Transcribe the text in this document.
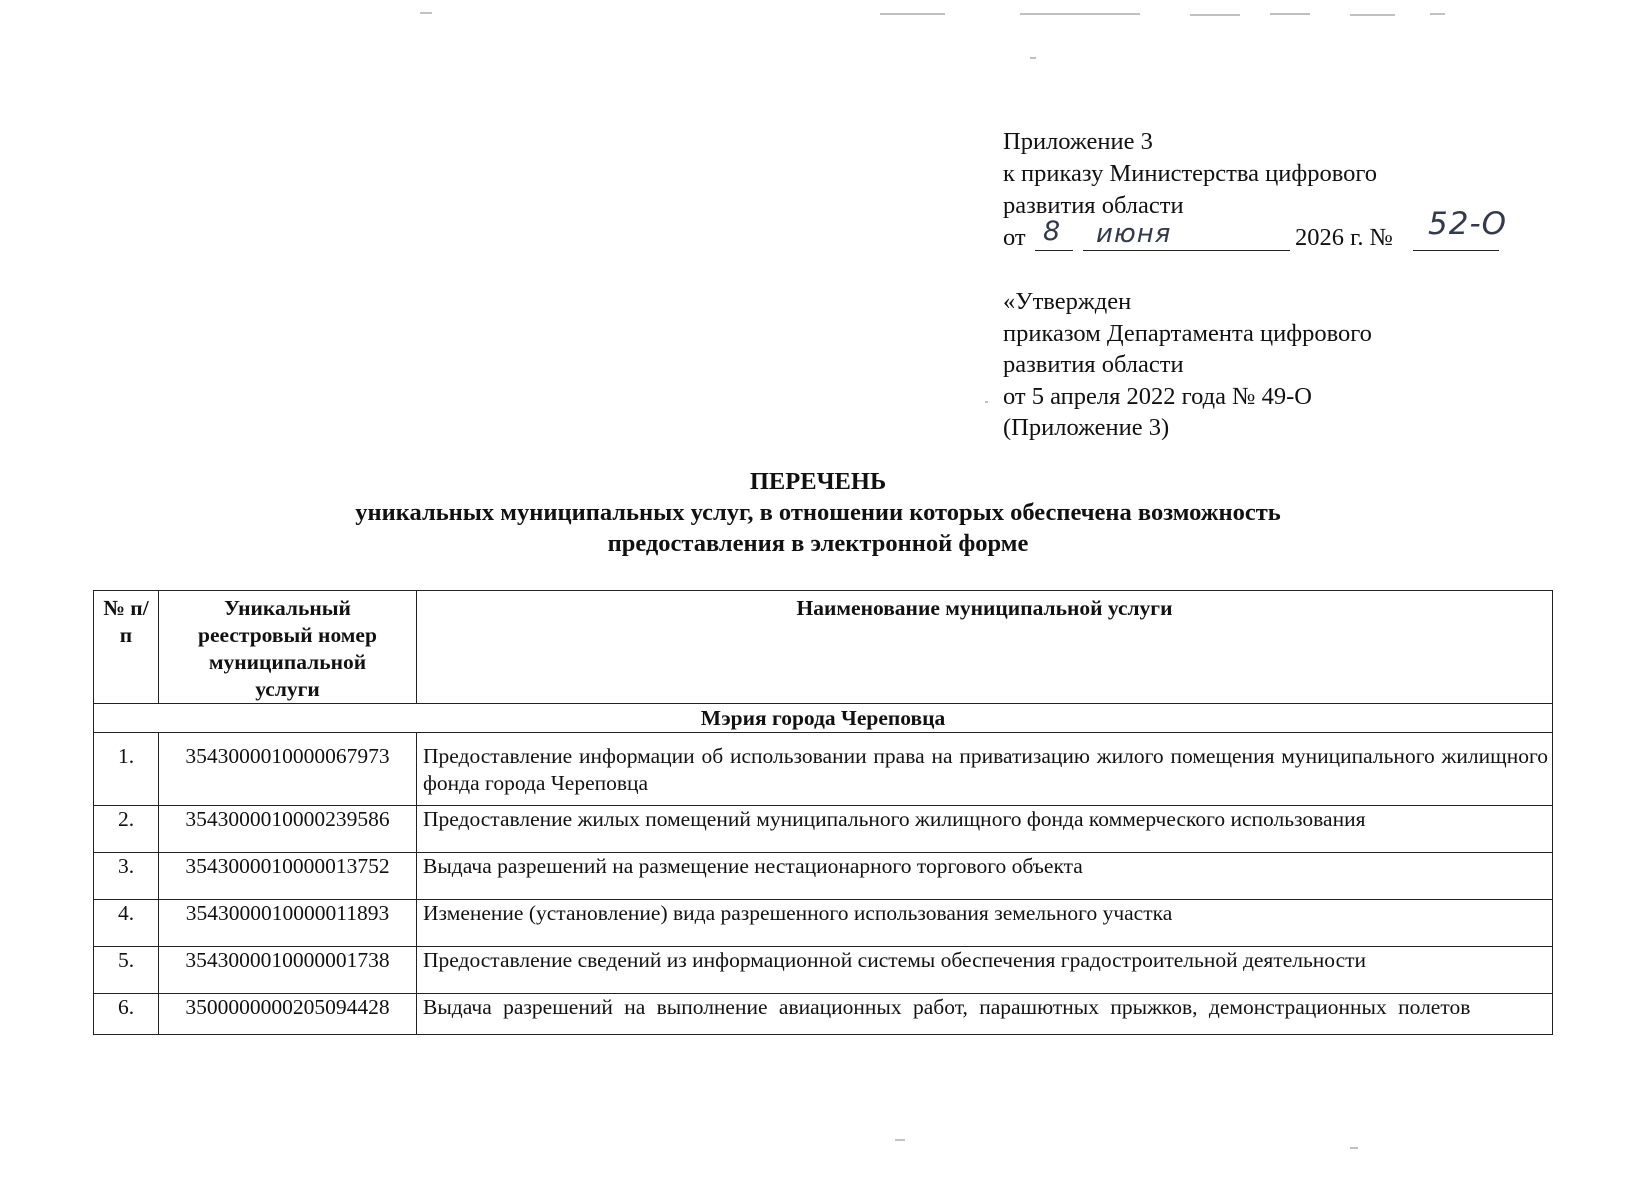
Приложение 3
к приказу Министерства цифрового
развития области
от 8 июня	2026 г. № 52-О
«Утвержден
приказом Департамента цифрового
развития области
от 5 апреля 2022 года № 49-О
(Приложение 3)
ПЕРЕЧЕНЬ
уникальных муниципальных услуг, в отношении которых обеспечена возможность
предоставления в электронной форме
№ п/п	Уникальный реестровый номер муниципальной услуги	Наименование муниципальной услуги
Мэрия города Череповца		
1.	3543000010000067973	Предоставление информации об использовании права на приватизацию жилого помещения муниципального жилищного фонда города Череповца
2.	3543000010000239586	Предоставление жилых помещений муниципального жилищного фонда коммерческого использования
3.	3543000010000013752	Выдача разрешений на размещение нестационарного торгового объекта
4.	3543000010000011893	Изменение (установление) вида разрешенного использования земельного участка
5.	3543000010000001738	Предоставление сведений из информационной системы обеспечения градостроительной деятельности
6.	3500000000205094428	Выдача разрешений на выполнение авиационных работ, парашютных прыжков, демонстрационных полетов
